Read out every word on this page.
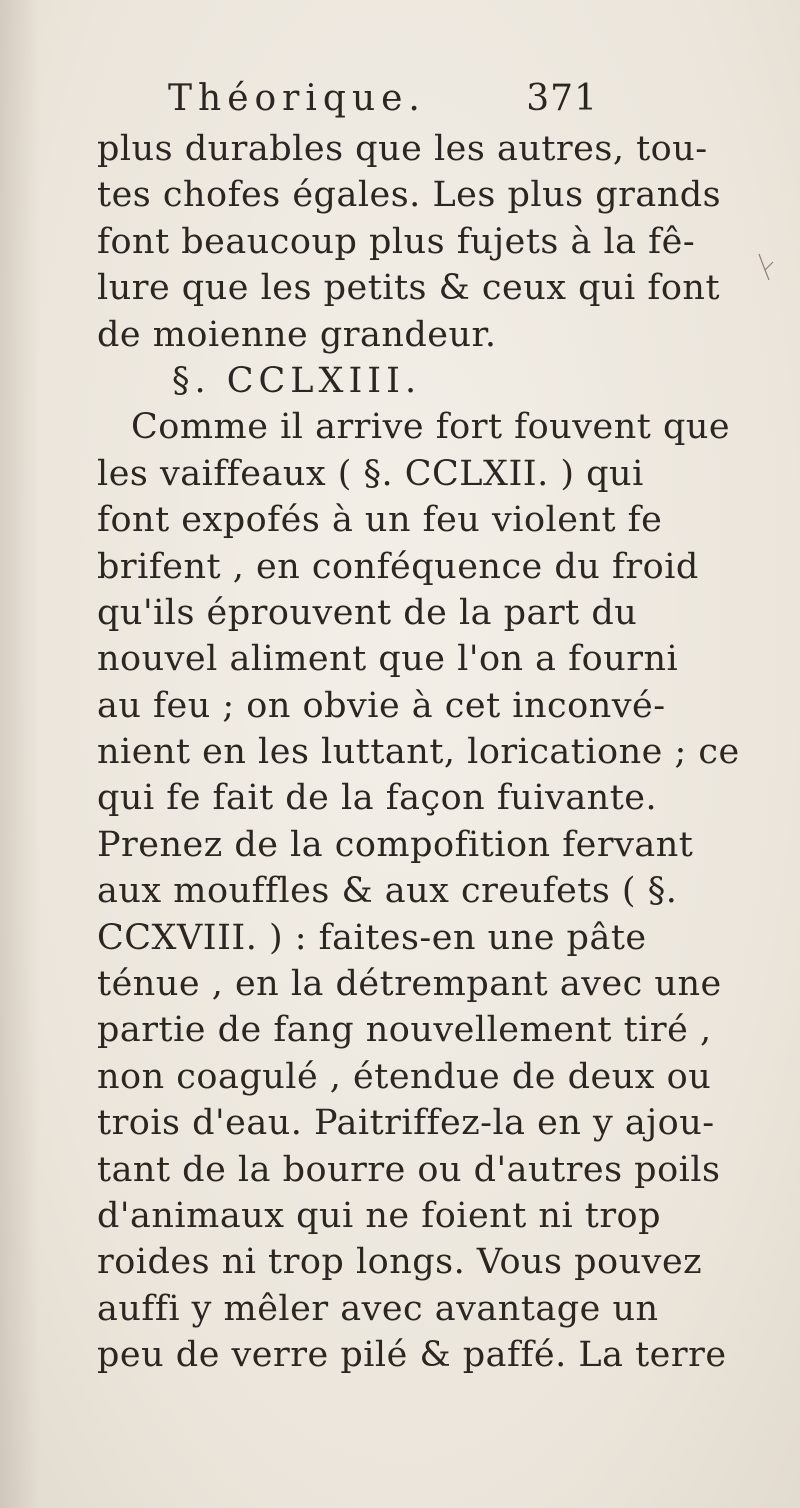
Théorique.	371
plus durables que les autres, tou-
tes chofes égales. Les plus grands
font beaucoup plus fujets à la fê-
lure que les petits & ceux qui font
de moienne grandeur.
§. CCLXIII.
Comme il arrive fort fouvent que
les vaiffeaux ( §. CCLXII. ) qui
font expofés à un feu violent fe
brifent , en conféquence du froid
qu'ils éprouvent de la part du
nouvel aliment que l'on a fourni
au feu ; on obvie à cet inconvé-
nient en les luttant, loricatione ; ce
qui fe fait de la façon fuivante.
Prenez de la compofition fervant
aux mouffles & aux creufets ( §.
CCXVIII. ) : faites-en une pâte
ténue , en la détrempant avec une
partie de fang nouvellement tiré ,
non coagulé , étendue de deux ou
trois d'eau. Paitriffez-la en y ajou-
tant de la bourre ou d'autres poils
d'animaux qui ne foient ni trop
roides ni trop longs. Vous pouvez
auffi y mêler avec avantage un
peu de verre pilé & paffé. La terre
